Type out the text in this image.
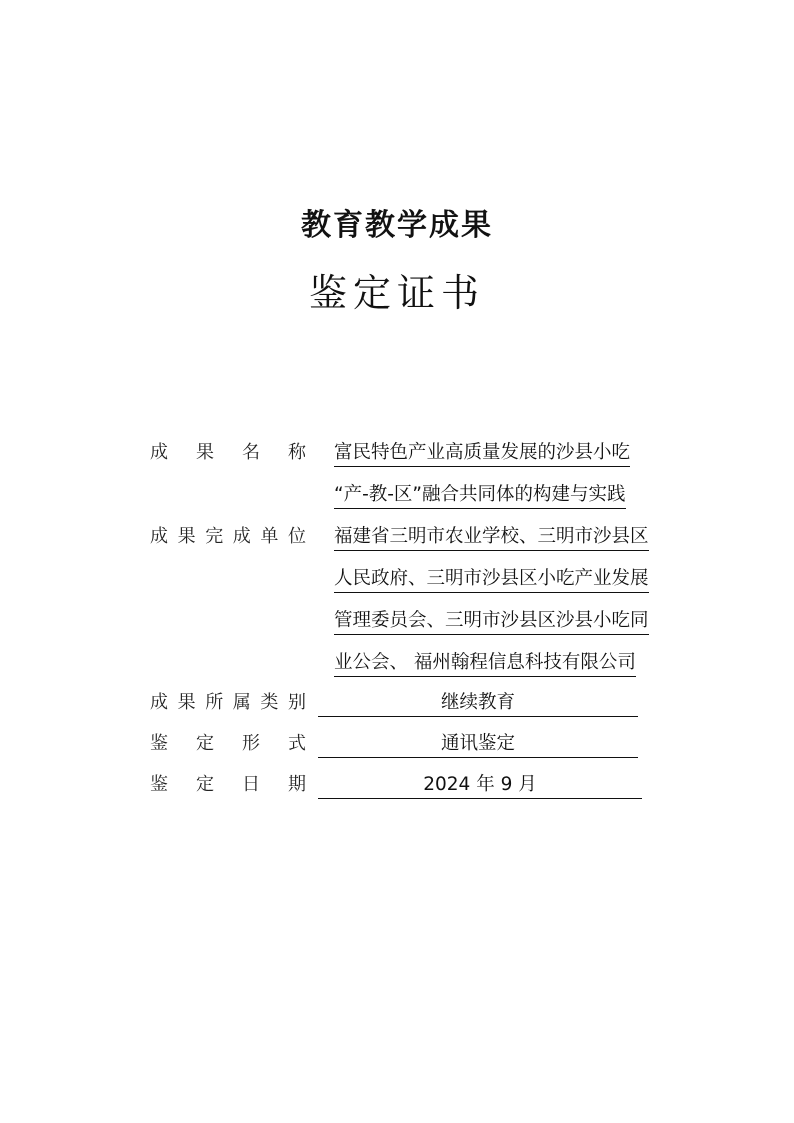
教育教学成果
鉴定证书
成 果 名 称 富民特色产业高质量发展的沙县小吃
“产-教-区”融合共同体的构建与实践
成 果 完 成 单 位 福建省三明市农业学校、三明市沙县区
人民政府、三明市沙县区小吃产业发展
管理委员会、三明市沙县区沙县小吃同
业公会、 福州翰程信息科技有限公司
成 果 所 属 类 别	继续教育
鉴 定 形 式	通讯鉴定
鉴 定 日 期	2024 年 9 月
